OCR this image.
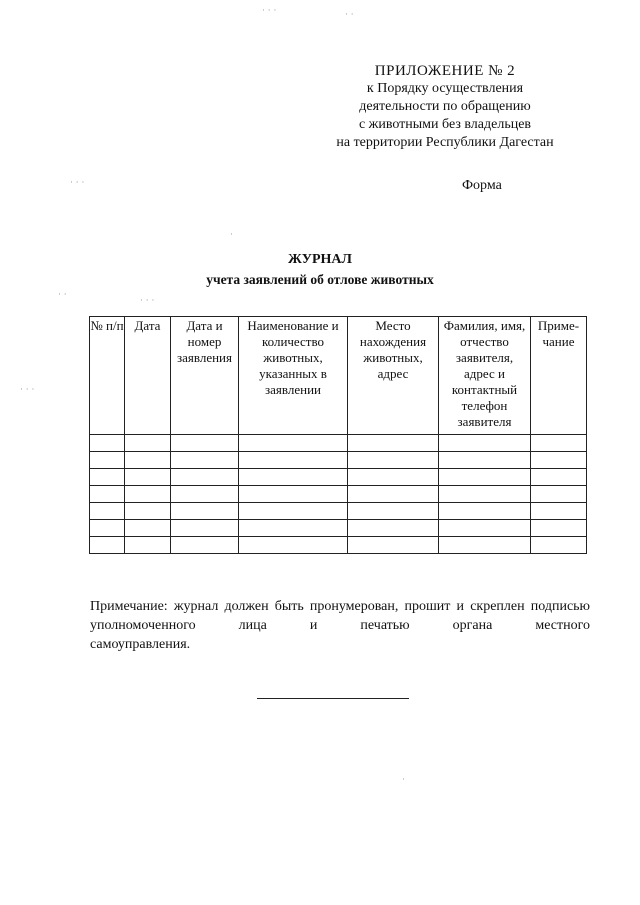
· · ·	· ·
· · ·
· ·
· · ·
· · ·
·
·
ПРИЛОЖЕНИЕ № 2
к Порядку осуществления
деятельности по обращению
с животными без владельцев
на территории Республики Дагестан
Форма
ЖУРНАЛ
учета заявлений об отлове животных
№ п/п	Дата	Дата и номер заявления	Наименование и количество животных, указанных в заявлении	Место нахождения животных, адрес	Фамилия, имя, отчество заявителя, адрес и контактный телефон заявителя	Приме-чание

Примечание: журнал должен быть пронумерован, прошит и скреплен подписью уполномоченного лица и печатью органа местного
самоуправления.
